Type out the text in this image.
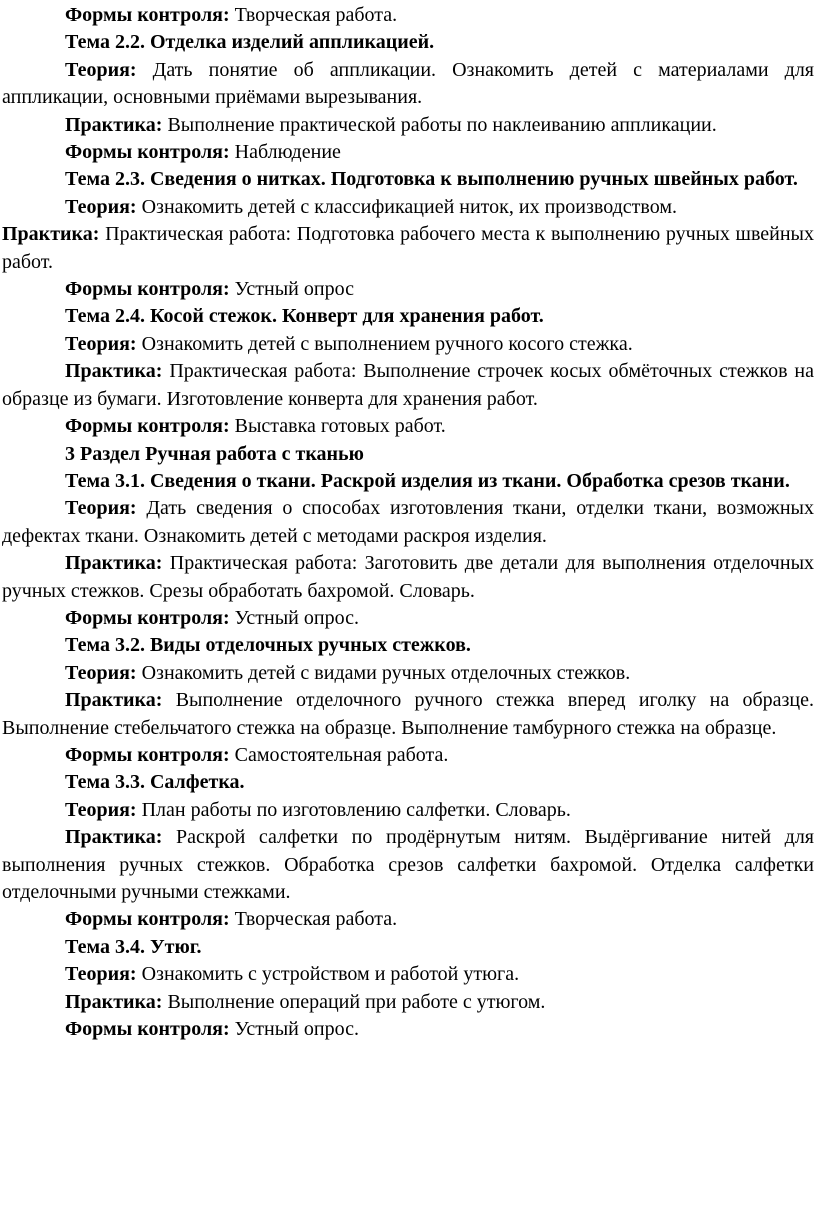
Формы контроля: Творческая работа.

Тема 2.2. Отделка изделий аппликацией.

Теория: Дать понятие об аппликации. Ознакомить детей с материалами для аппликации, основными приёмами вырезывания.

Практика: Выполнение практической работы по наклеиванию аппликации.

Формы контроля: Наблюдение

Тема 2.3. Сведения о нитках. Подготовка к выполнению ручных швейных работ.

Теория: Ознакомить детей с классификацией ниток, их производством.

Практика: Практическая работа: Подготовка рабочего места к выполнению ручных швейных работ.

Формы контроля: Устный опрос

Тема 2.4. Косой стежок. Конверт для хранения работ.

Теория: Ознакомить детей с выполнением ручного косого стежка.

Практика: Практическая работа: Выполнение строчек косых обмёточных стежков на образце из бумаги. Изготовление конверта для хранения работ.

Формы контроля: Выставка готовых работ.

3 Раздел Ручная работа с тканью

Тема 3.1. Сведения о ткани. Раскрой изделия из ткани. Обработка срезов ткани.

Теория: Дать сведения о способах изготовления ткани, отделки ткани, возможных дефектах ткани. Ознакомить детей с методами раскроя изделия.

Практика: Практическая работа: Заготовить две детали для выполнения отделочных ручных стежков. Срезы обработать бахромой. Словарь.

Формы контроля: Устный опрос.

Тема 3.2. Виды отделочных ручных стежков.

Теория: Ознакомить детей с видами ручных отделочных стежков.

Практика: Выполнение отделочного ручного стежка вперед иголку на образце. Выполнение стебельчатого стежка на образце. Выполнение тамбурного стежка на образце.

Формы контроля: Самостоятельная работа.

Тема 3.3. Салфетка.

Теория: План работы по изготовлению салфетки. Словарь.

Практика: Раскрой салфетки по продёрнутым нитям. Выдёргивание нитей для выполнения ручных стежков. Обработка срезов салфетки бахромой. Отделка салфетки отделочными ручными стежками.

Формы контроля: Творческая работа.

Тема 3.4. Утюг.

Теория: Ознакомить с устройством и работой утюга.

Практика: Выполнение операций при работе с утюгом.

Формы контроля: Устный опрос.
